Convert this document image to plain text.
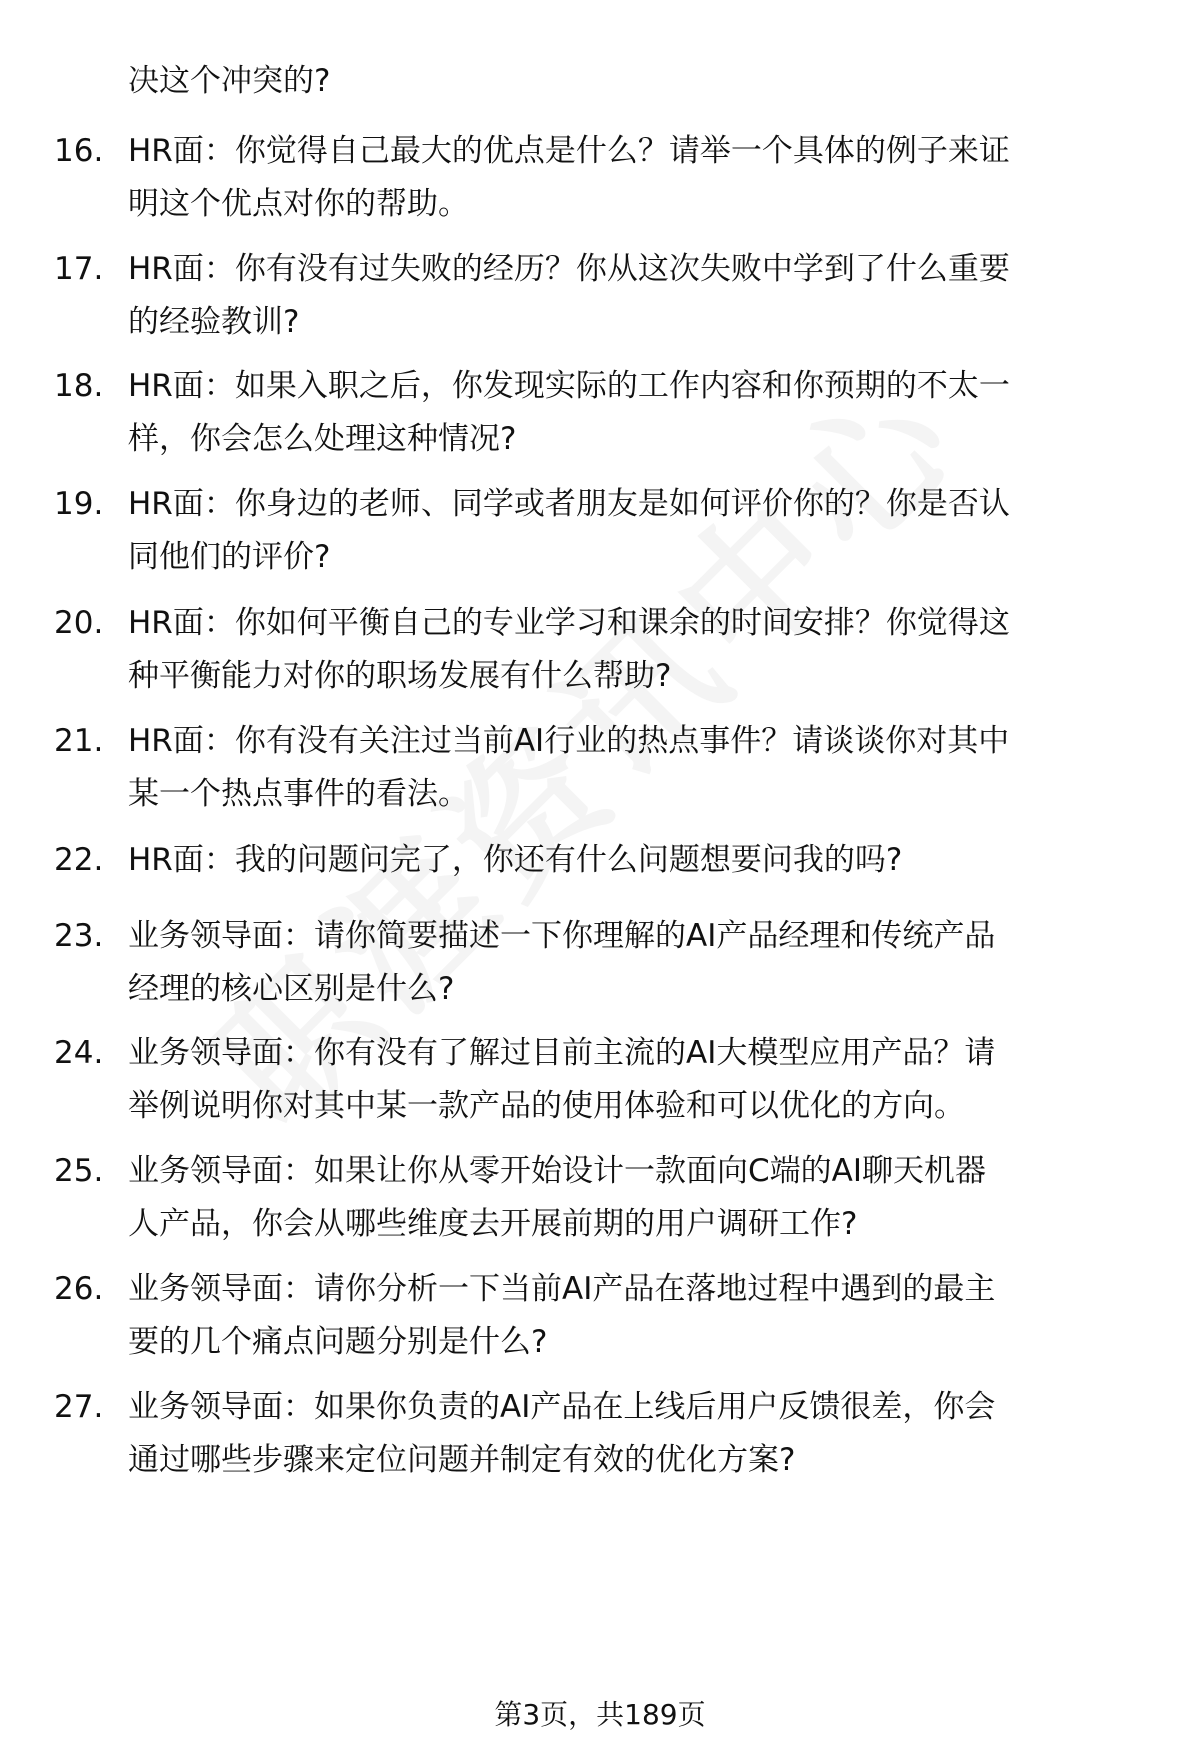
决这个冲突的?
16. HR面：你觉得自己最大的优点是什么？请举一个具体的例子来证
明这个优点对你的帮助。
17. HR面：你有没有过失败的经历？你从这次失败中学到了什么重要
的经验教训?
18. HR面：如果入职之后，你发现实际的工作内容和你预期的不太一
样，你会怎么处理这种情况?
19. HR面：你身边的老师、同学或者朋友是如何评价你的？你是否认
同他们的评价?
20. HR面：你如何平衡自己的专业学习和课余的时间安排？你觉得这
种平衡能力对你的职场发展有什么帮助?
21. HR面：你有没有关注过当前AI行业的热点事件？请谈谈你对其中
某一个热点事件的看法。
22. HR面：我的问题问完了，你还有什么问题想要问我的吗?
23. 业务领导面：请你简要描述一下你理解的AI产品经理和传统产品
经理的核心区别是什么?
24. 业务领导面：你有没有了解过目前主流的AI大模型应用产品？请
举例说明你对其中某一款产品的使用体验和可以优化的方向。
25. 业务领导面：如果让你从零开始设计一款面向C端的AI聊天机器
人产品，你会从哪些维度去开展前期的用户调研工作?
26. 业务领导面：请你分析一下当前AI产品在落地过程中遇到的最主
要的几个痛点问题分别是什么?
27. 业务领导面：如果你负责的AI产品在上线后用户反馈很差，你会
通过哪些步骤来定位问题并制定有效的优化方案?
第3页，共189页
